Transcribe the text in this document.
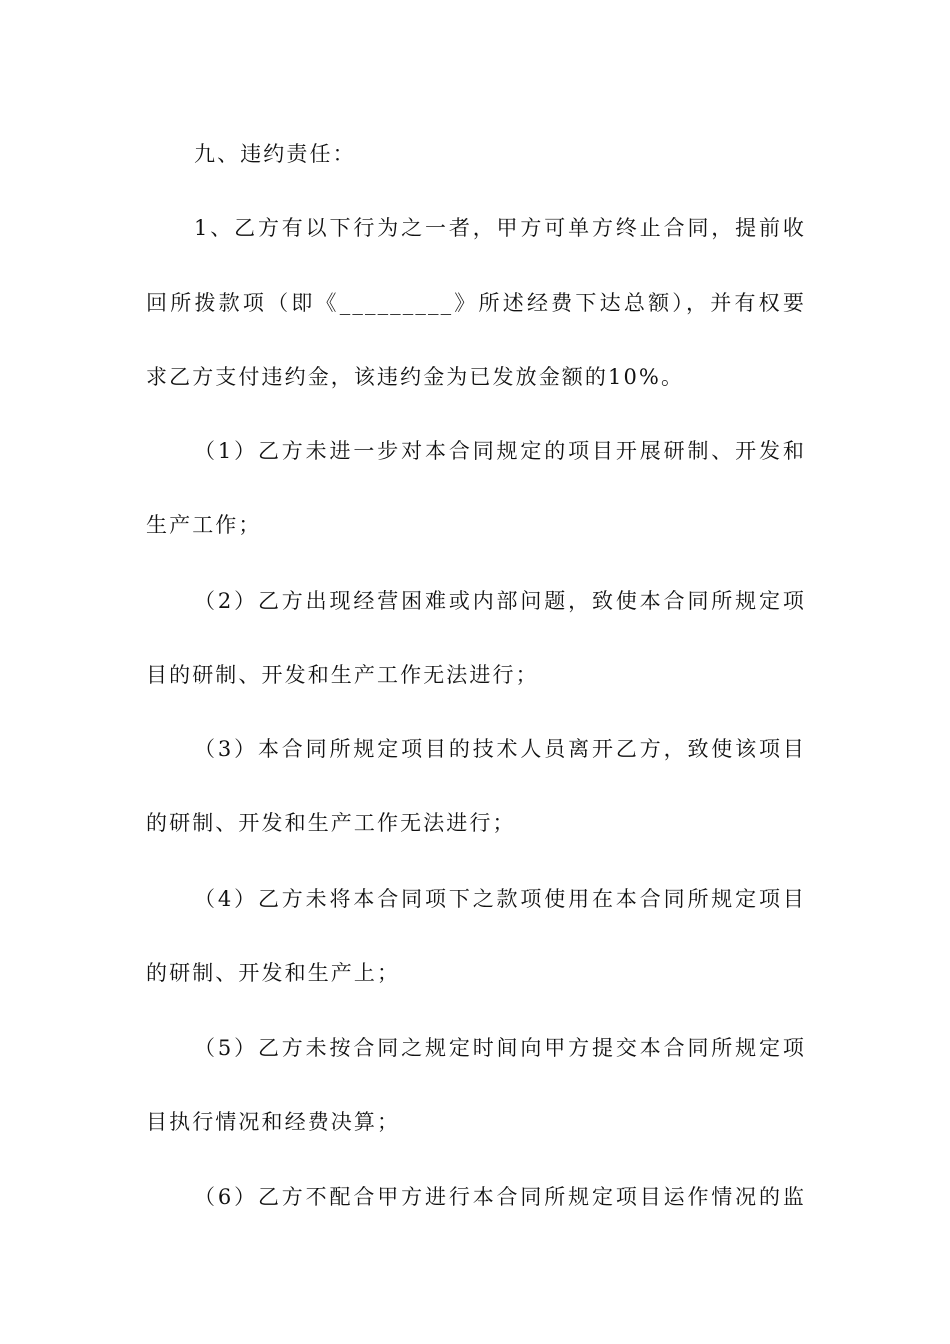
九、违约责任：
1、乙方有以下行为之一者，甲方可单方终止合同，提前收
回所拨款项（即《_________》所述经费下达总额），并有权要
求乙方支付违约金，该违约金为已发放金额的10%。
（1）乙方未进一步对本合同规定的项目开展研制、开发和
生产工作；
（2）乙方出现经营困难或内部问题，致使本合同所规定项
目的研制、开发和生产工作无法进行；
（3）本合同所规定项目的技术人员离开乙方，致使该项目
的研制、开发和生产工作无法进行；
（4）乙方未将本合同项下之款项使用在本合同所规定项目
的研制、开发和生产上；
（5）乙方未按合同之规定时间向甲方提交本合同所规定项
目执行情况和经费决算；
（6）乙方不配合甲方进行本合同所规定项目运作情况的监
